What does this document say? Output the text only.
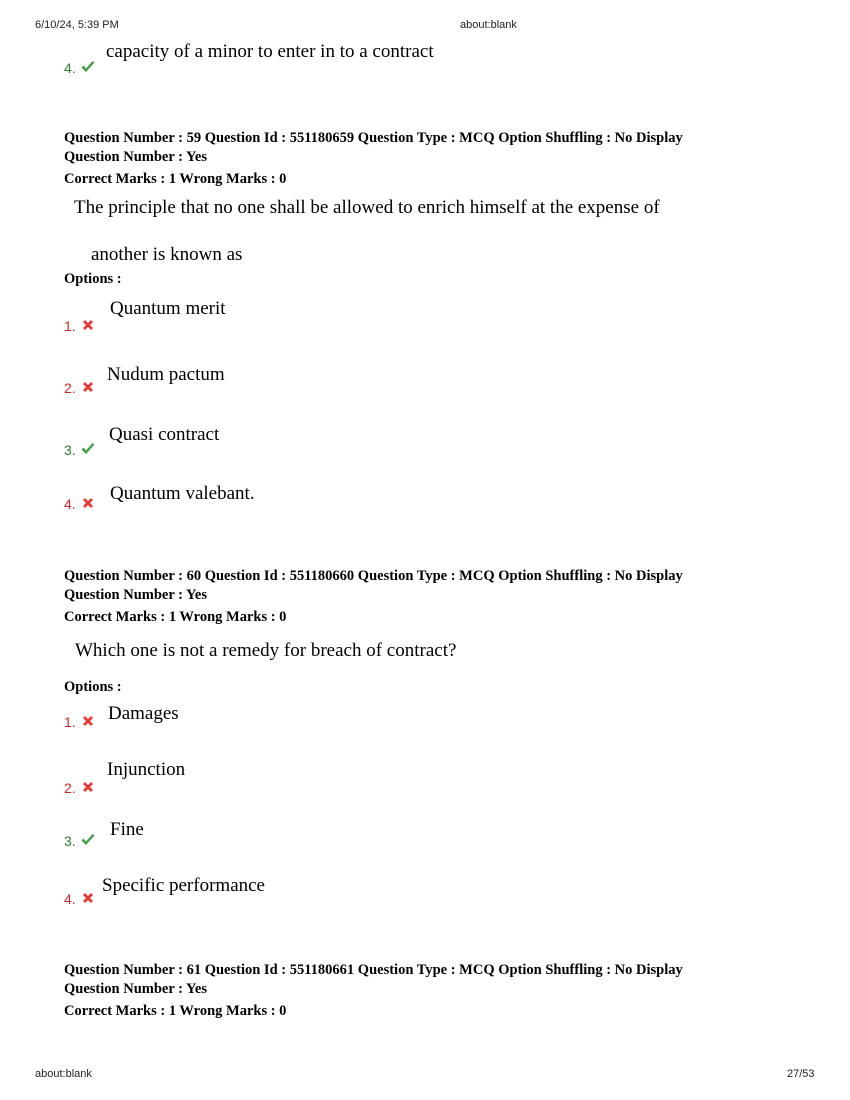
6/10/24, 5:39 PM	about:blank
about:blank	27/53
4.
capacity of a minor to enter in to a contract
Question Number : 59 Question Id : 551180659 Question Type : MCQ Option Shuffling : No Display
Question Number : Yes
Correct Marks : 1 Wrong Marks : 0
The principle that no one shall be allowed to enrich himself at the expense of
another is known as
Options :
1.
Quantum merit
2.
Nudum pactum
3.
Quasi contract
4. Quantum valebant.
Question Number : 60 Question Id : 551180660 Question Type : MCQ Option Shuffling : No Display
Question Number : Yes
Correct Marks : 1 Wrong Marks : 0
Which one is not a remedy for breach of contract?
Options :
1. Damages
2.
Injunction
3.
Fine
4.
Specific performance
Question Number : 61 Question Id : 551180661 Question Type : MCQ Option Shuffling : No Display
Question Number : Yes
Correct Marks : 1 Wrong Marks : 0
